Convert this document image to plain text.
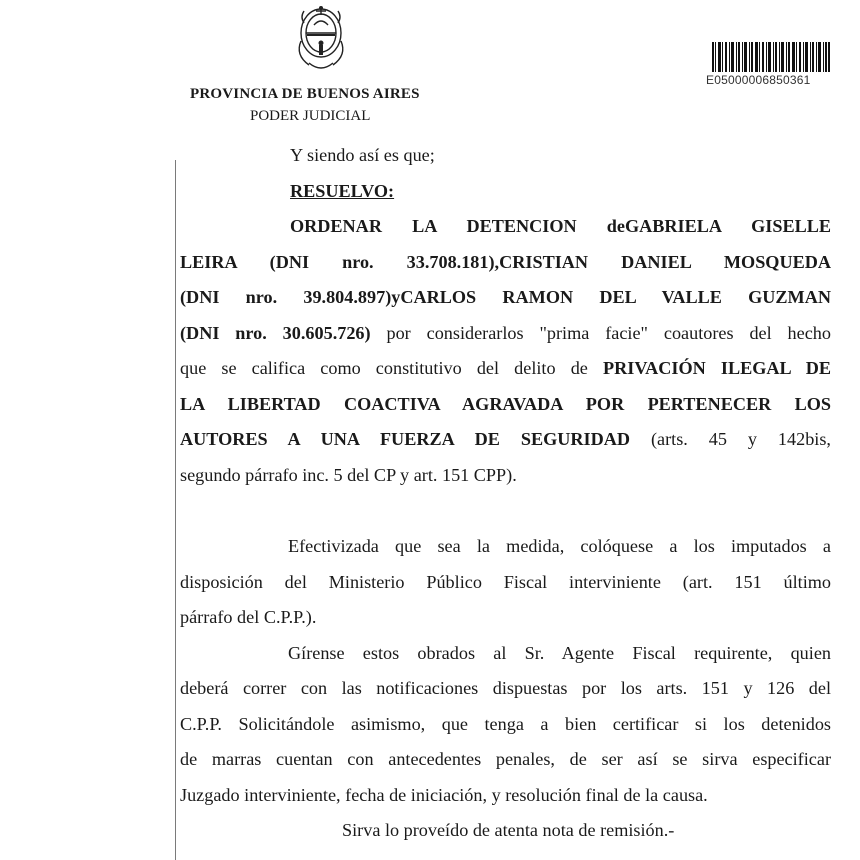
PROVINCIA DE BUENOS AIRES
PODER JUDICIAL
E05000006850361
Y siendo así es que;
RESUELVO:
ORDENAR LA DETENCION deGABRIELA GISELLE
LEIRA (DNI nro. 33.708.181),CRISTIAN DANIEL MOSQUEDA
(DNI nro. 39.804.897)yCARLOS RAMON DEL VALLE GUZMAN
(DNI nro. 30.605.726) por considerarlos "prima facie" coautores del hecho
que se califica como constitutivo del delito de PRIVACIÓN ILEGAL DE
LA LIBERTAD COACTIVA AGRAVADA POR PERTENECER LOS
AUTORES A UNA FUERZA DE SEGURIDAD (arts. 45 y 142bis,
segundo párrafo inc. 5 del CP y art. 151 CPP).
Efectivizada que sea la medida, colóquese a los imputados a
disposición del Ministerio Público Fiscal interviniente (art. 151 último
párrafo del C.P.P.).
Gírense estos obrados al Sr. Agente Fiscal requirente, quien
deberá correr con las notificaciones dispuestas por los arts. 151 y 126 del
C.P.P. Solicitándole asimismo, que tenga a bien certificar si los detenidos
de marras cuentan con antecedentes penales, de ser así se sirva especificar
Juzgado interviniente, fecha de iniciación, y resolución final de la causa.
Sirva lo proveído de atenta nota de remisión.-
